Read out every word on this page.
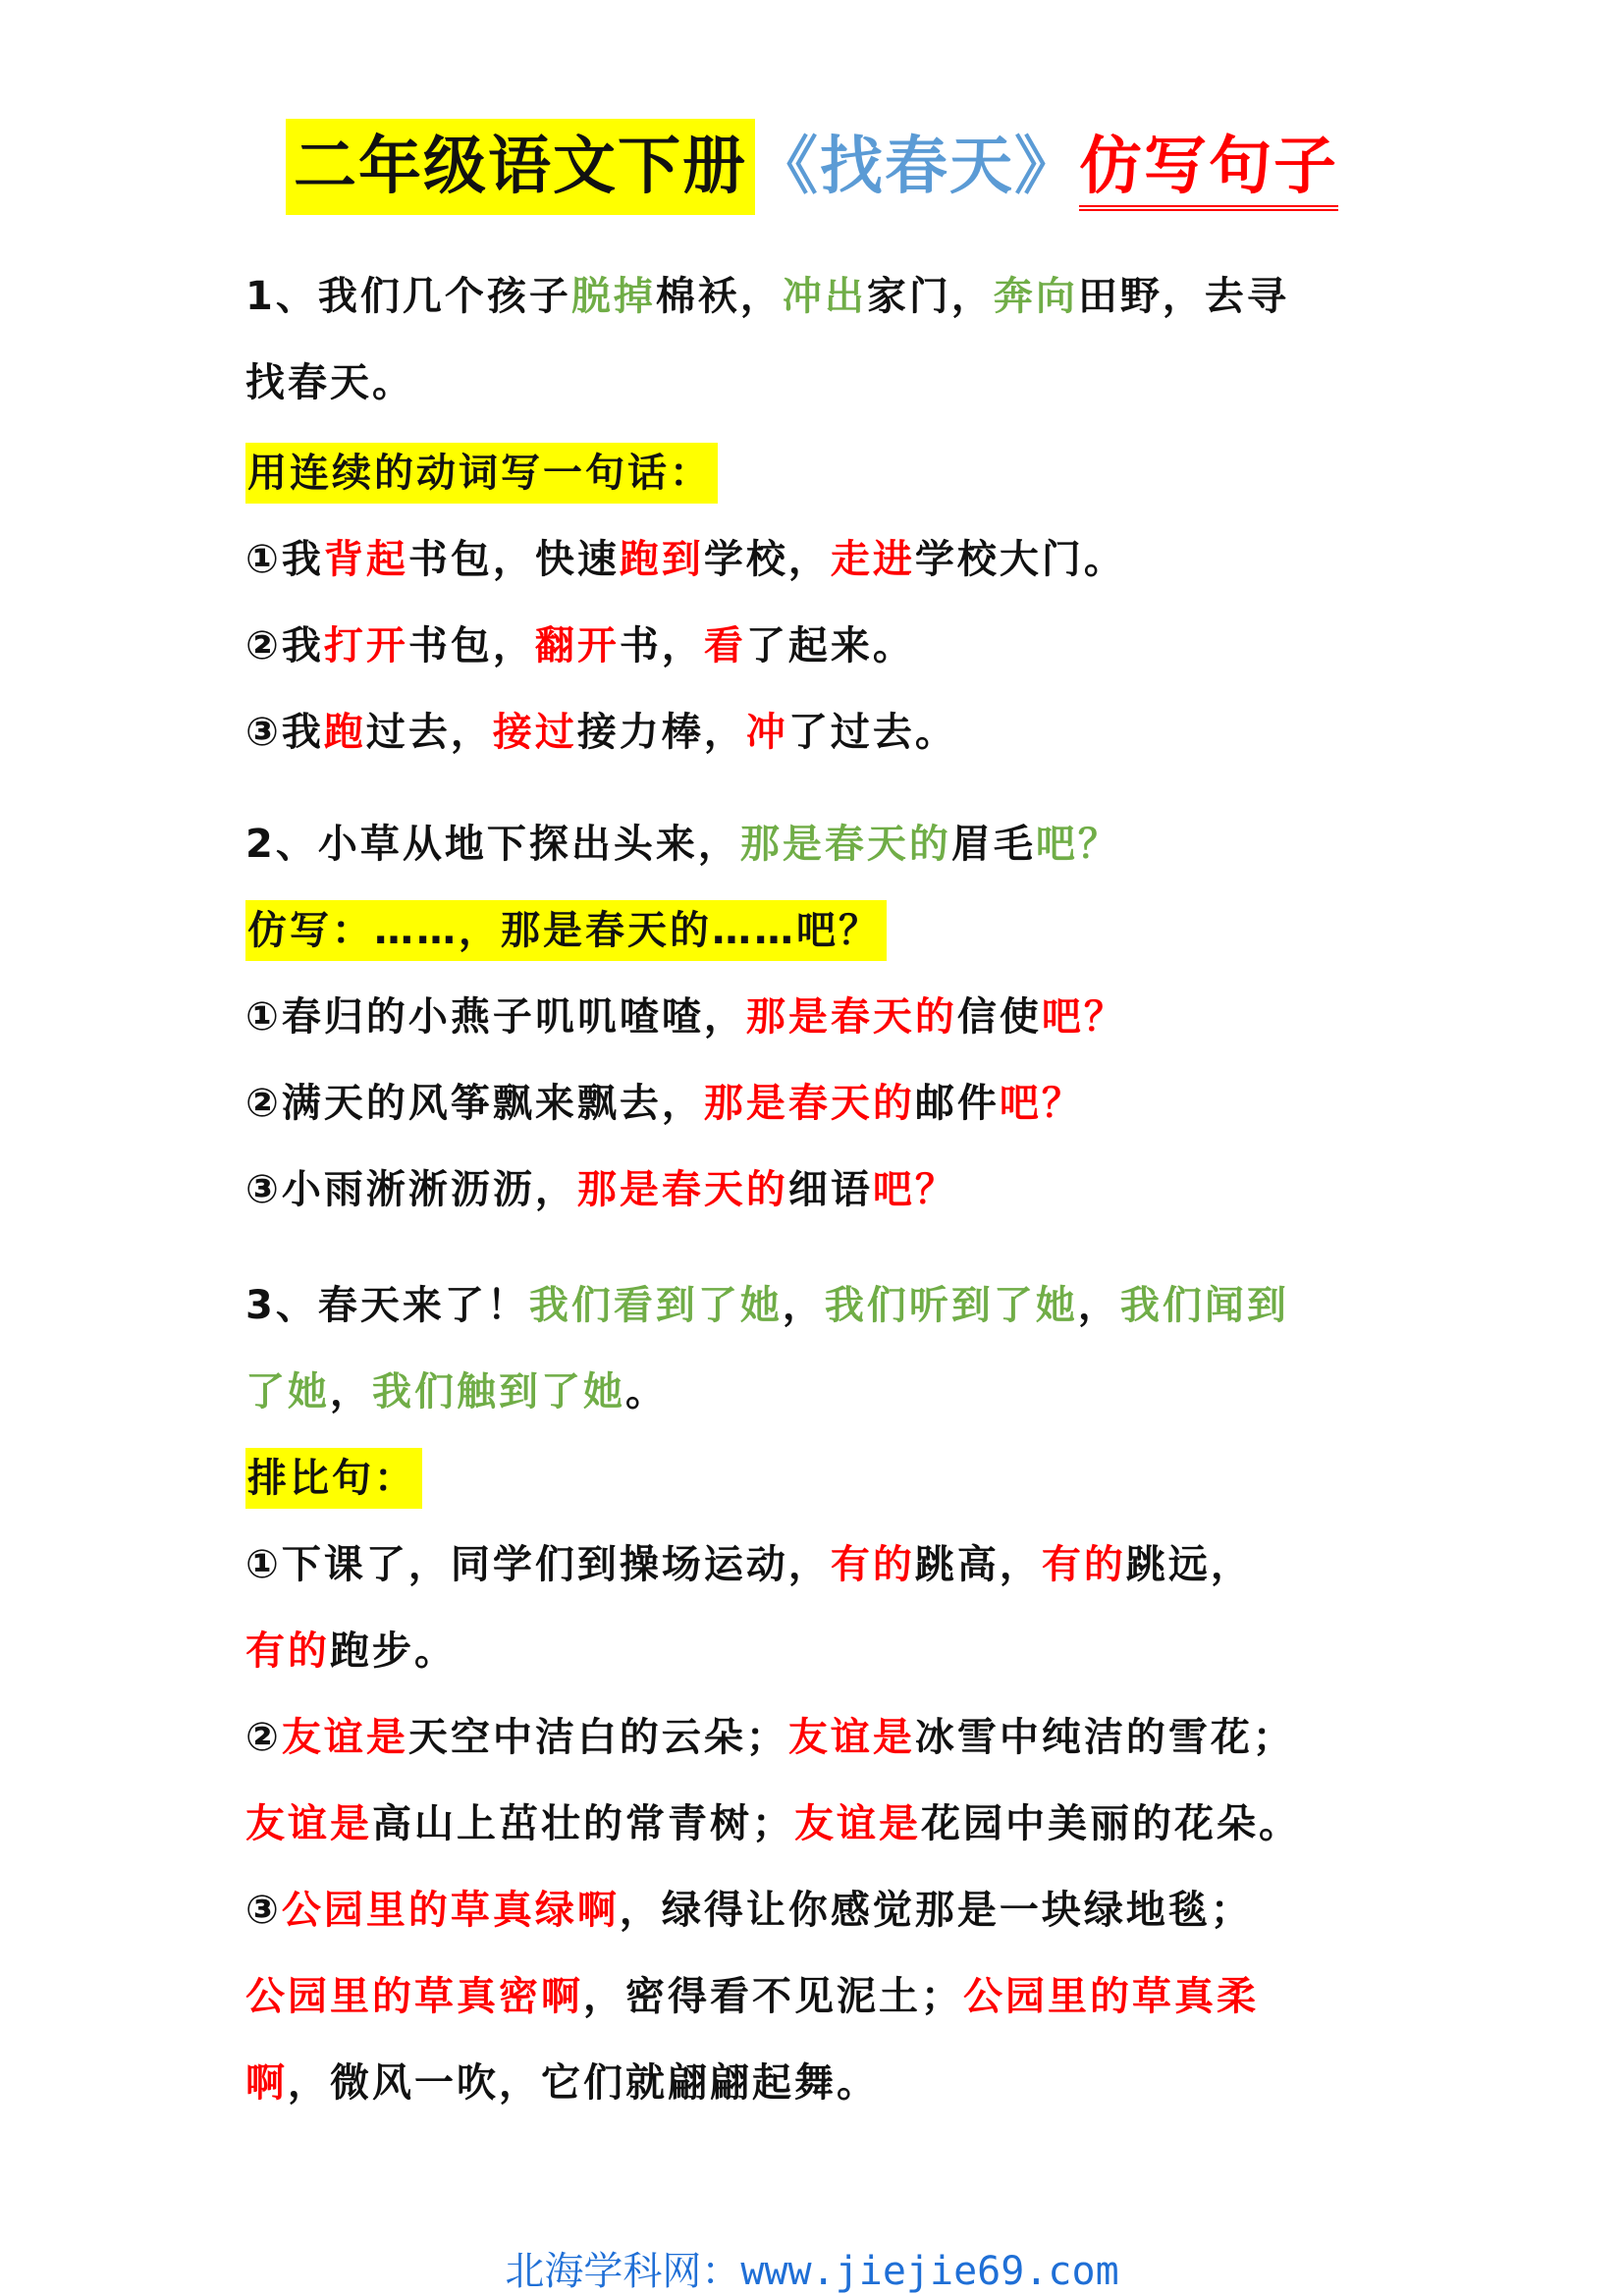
二年级语文下册 《找春天》仿写句子
1、我们几个孩子脱掉棉袄，冲出家门，奔向田野，去寻
找春天。
用连续的动词写一句话：
①我背起书包，快速跑到学校，走进学校大门。
②我打开书包，翻开书，看了起来。
③我跑过去，接过接力棒，冲了过去。
2、小草从地下探出头来，那是春天的眉毛吧？
仿写：……，那是春天的……吧？
①春归的小燕子叽叽喳喳，那是春天的信使吧？
②满天的风筝飘来飘去，那是春天的邮件吧？
③小雨淅淅沥沥，那是春天的细语吧？
3、春天来了！我们看到了她，我们听到了她，我们闻到
了她，我们触到了她。
排比句：
①下课了，同学们到操场运动，有的跳高，有的跳远，
有的跑步。
②友谊是天空中洁白的云朵；友谊是冰雪中纯洁的雪花；
友谊是高山上茁壮的常青树；友谊是花园中美丽的花朵。
③公园里的草真绿啊，绿得让你感觉那是一块绿地毯；
公园里的草真密啊，密得看不见泥土；公园里的草真柔
啊，微风一吹，它们就翩翩起舞。
北海学科网：www.jiejie69.com
